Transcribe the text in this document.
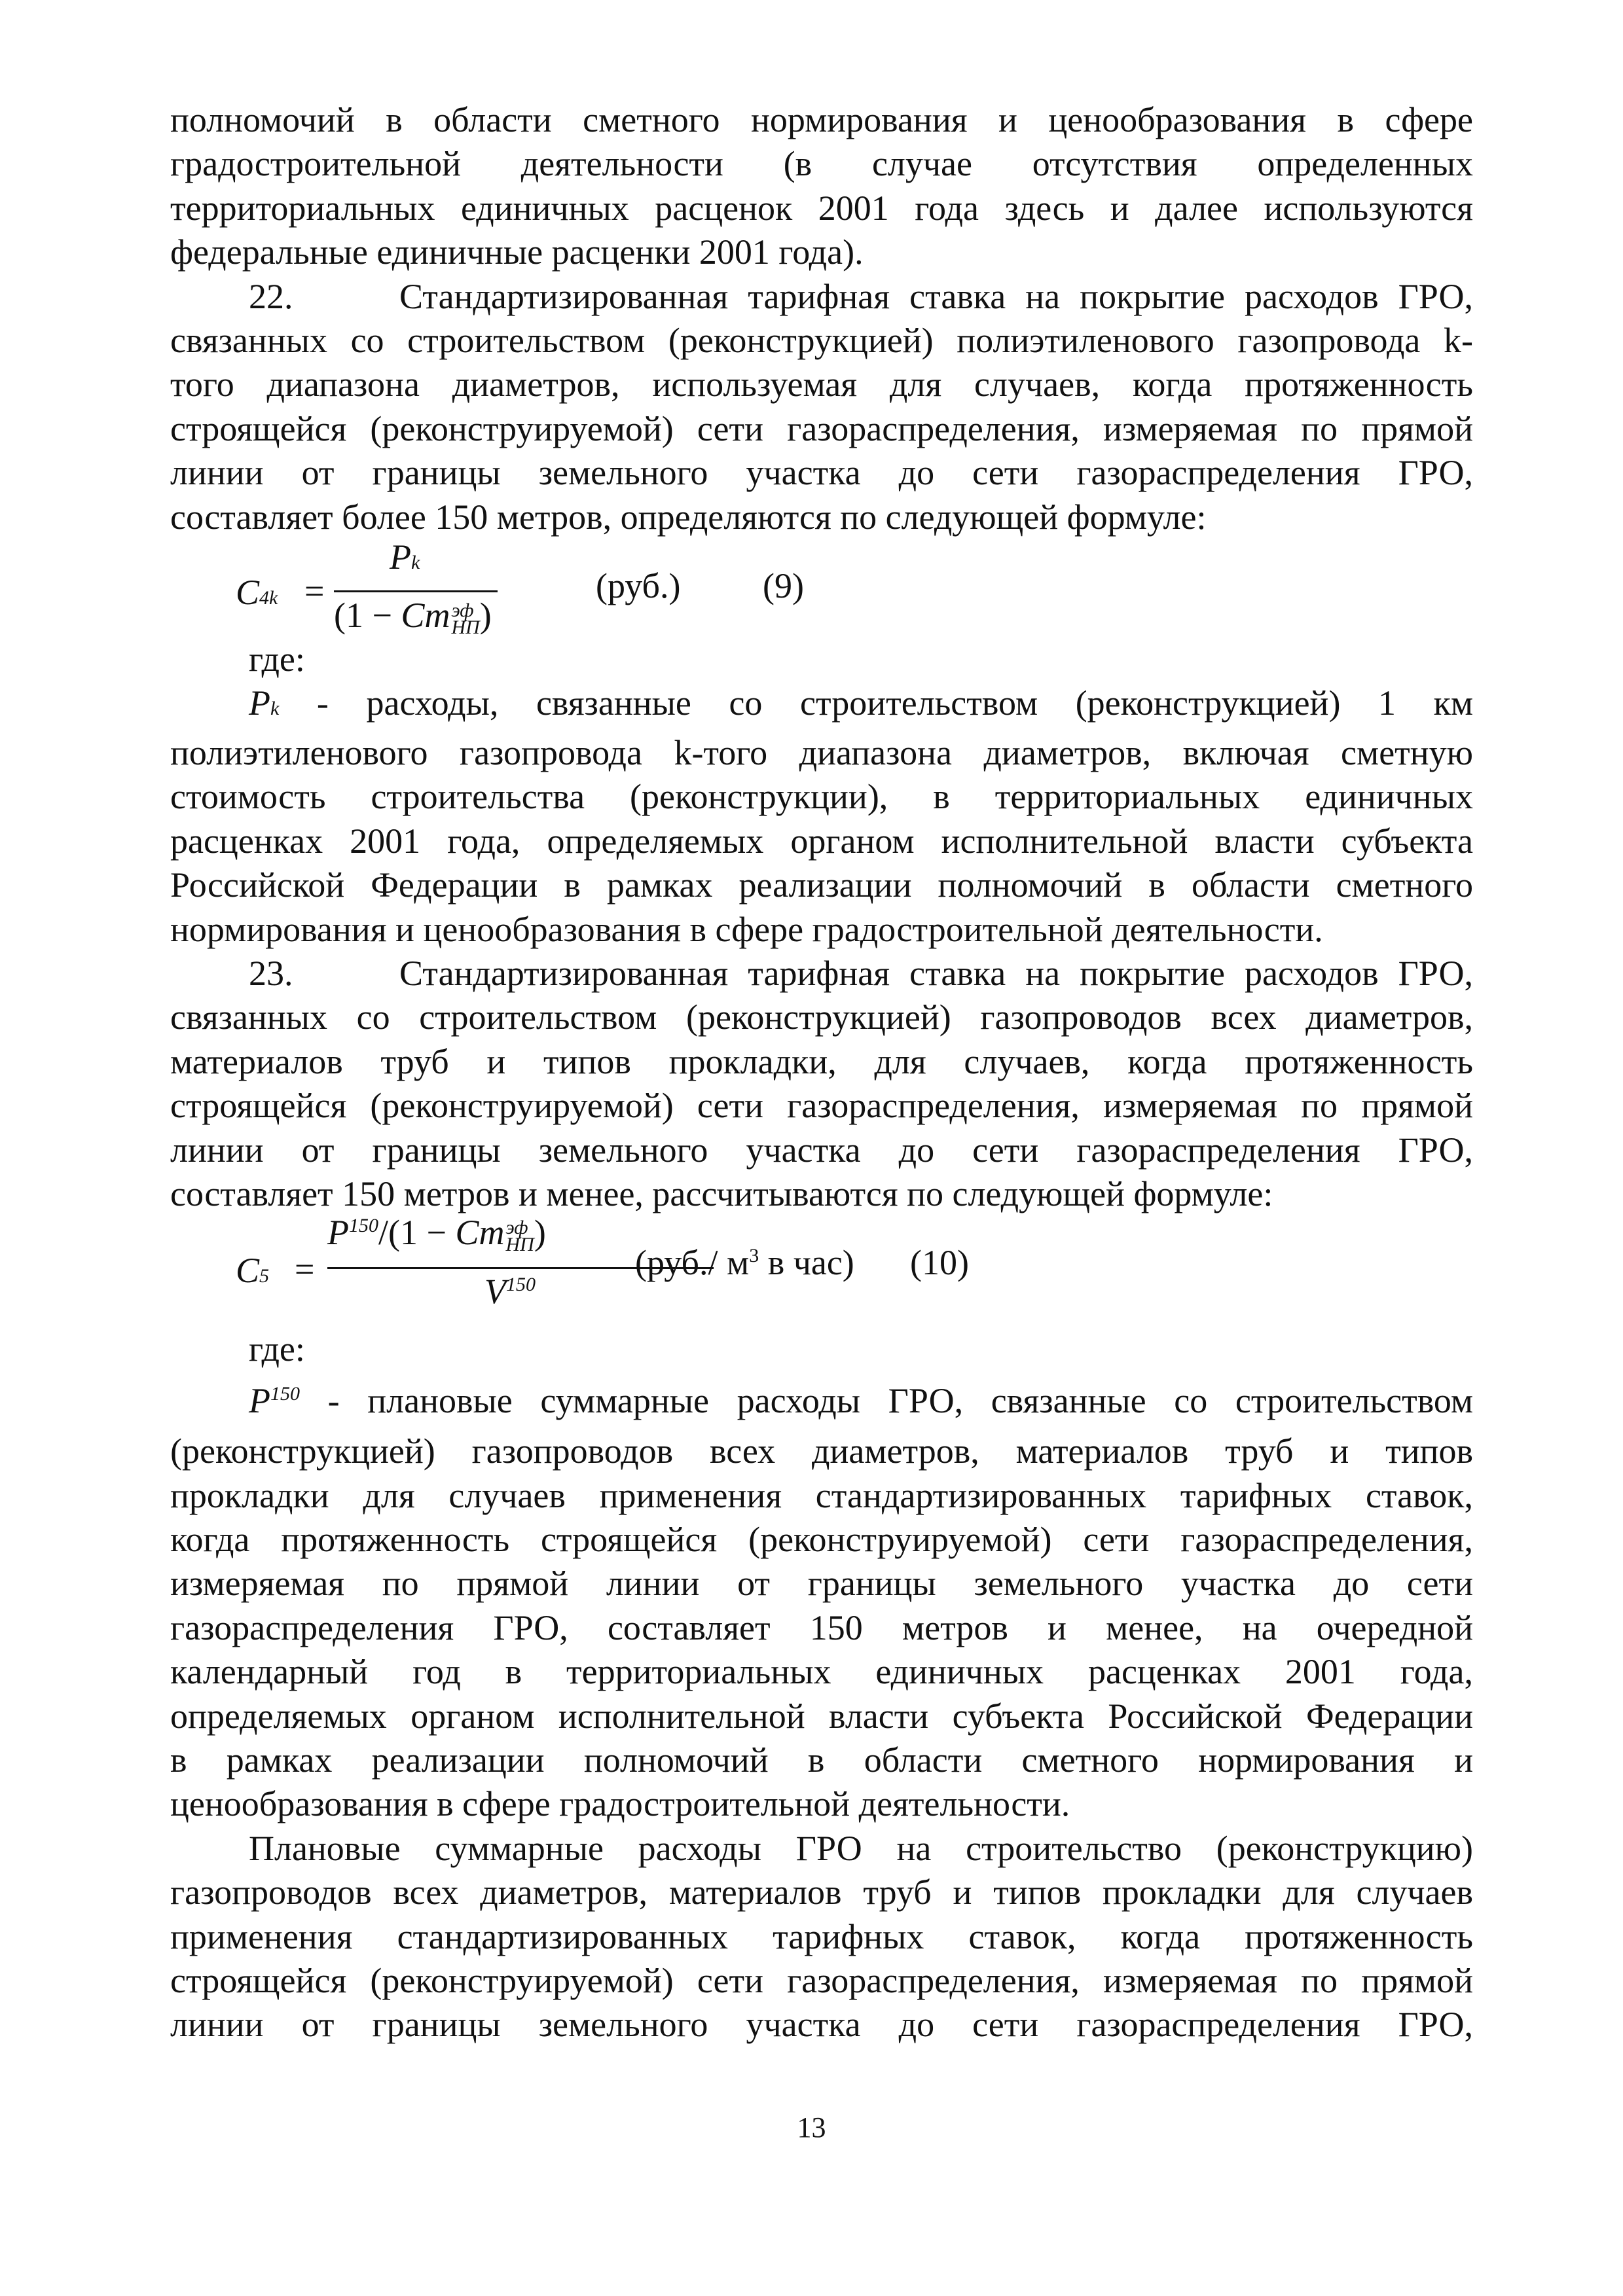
полномочий в области сметного нормирования и ценообразования в сфере

градостроительной деятельности (в случае отсутствия определенных

территориальных единичных расценок 2001 года здесь и далее используются

федеральные единичные расценки 2001 года).

22.	Стандартизированная тарифная ставка на покрытие расходов ГРО,

связанных со строительством (реконструкцией) полиэтиленового газопровода k-

того диапазона диаметров, используемая для случаев, когда протяженность

строящейся (реконструируемой) сети газораспределения, измеряемая по прямой

линии от границы земельного участка до сети газораспределения ГРО,

составляет более 150 метров, определяются по следующей формуле:

C4k =
Pk
(1 − Cm эф
НП )
(руб.) (9)

где:

Pk - расходы, связанные со строительством (реконструкцией) 1 км

полиэтиленового газопровода k-того диапазона диаметров, включая сметную

стоимость строительства (реконструкции), в территориальных единичных

расценках 2001 года, определяемых органом исполнительной власти субъекта

Российской Федерации в рамках реализации полномочий в области сметного

нормирования и ценообразования в сфере градостроительной деятельности.

23.	Стандартизированная тарифная ставка на покрытие расходов ГРО,

связанных со строительством (реконструкцией) газопроводов всех диаметров,

материалов труб и типов прокладки, для случаев, когда протяженность

строящейся (реконструируемой) сети газораспределения, измеряемая по прямой

линии от границы земельного участка до сети газораспределения ГРО,

составляет 150 метров и менее, рассчитываются по следующей формуле:

C5 =
$P^{150}/(1 - Cm$ эф
НП )
$V^{150}$
(руб./ $м^3$ в час) (10)

где:

$P^{150}$ - плановые суммарные расходы ГРО, связанные со строительством

(реконструкцией) газопроводов всех диаметров, материалов труб и типов

прокладки для случаев применения стандартизированных тарифных ставок,

когда протяженность строящейся (реконструируемой) сети газораспределения,

измеряемая по прямой линии от границы земельного участка до сети

газораспределения ГРО, составляет 150 метров и менее, на очередной

календарный год в территориальных единичных расценках 2001 года,

определяемых органом исполнительной власти субъекта Российской Федерации

в рамках реализации полномочий в области сметного нормирования и

ценообразования в сфере градостроительной деятельности.

Плановые суммарные расходы ГРО на строительство (реконструкцию)

газопроводов всех диаметров, материалов труб и типов прокладки для случаев

применения стандартизированных тарифных ставок, когда протяженность

строящейся (реконструируемой) сети газораспределения, измеряемая по прямой

линии от границы земельного участка до сети газораспределения ГРО,

13
